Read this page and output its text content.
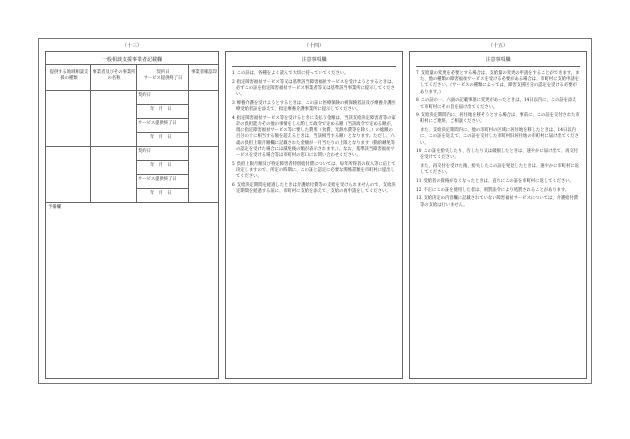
（十三）
一般相談支援事業者記載欄
提供する地域相談支援の種類
事業者及びその事業所の名称
契約日
サービス提供終了日
事業者確認印
契約日
年　月　日
サービス提供終了日
年　月　日
契約日
年　月　日
サービス提供終了日
年　月　日
予備欄
（十四）
注意事項欄
1 この証は、各種をよく読んで大切に持っていてください。
2 指定障害福祉サービス等又は基準該当障害福祉サービスを受けようとするときは、必ずこの証を指定障害福祉サービス事業者等又は基準該当事業所に提示してください。
3 療養介護を受けようとするときは、この証に医療保険の被保険者証及び療養介護医療受給者証を添えて、指定療養介護事業所に提示してください。
4 指定障害福祉サービス等を受けるときに支払う金額は、当該支給決定障害者等の家計の負担能力その他の事情をしん酌して政令で定める額（当該政令で定める額が、現に指定障害福祉サービス等に要した費用（食費、光熱水費等を除く。）の総額の百分の十に相当する額を超えるときは、当該相当する額）となります。ただし、六歳の負担上限月額欄に記載された金額が一月当たりの上限となります（動的継免等の認定を受けた場合には減免後の額が表示されます。）。なお、基準該当障害福祉サービスを受ける場合等は市町村の窓口にお問い合わせください。
5 負担上限月額及び特定障害者特別給付費については、毎年所得者の収入等に応じて決定しますので、所定の時期に、この証と認定に必要な関係書類を市町村に提出してください。
6 支給決定期間を経過したときは介護給付費等の支給を受けられませんので、支給決定期間を経過する前に、市町村に支給を添えて、支給の再申請をしてください。
（十五）
注意事項欄
7 支給量の変更を必要とする場合は、支給量の変更の申請をすることができます。また、他の種類の障害福祉サービスを受ける必要がある場合は、市町村に支給申請をしてください。（サービスの種類によっては、障害支援区分の認定を受ける必要があります。）
8 この証の一、六面の記載事項に変更があったときは、14日以内に、この証を添えて市町村にその旨を届け出てください。
9 支給決定期間内に、居住地を移そうとする場合は、事前に、この証を交付された市町村にご連絡、ご相談ください。
また、支給決定期間内に、他の市町村の区域に居住地を移したときは、14日以内に、この証を返えて、この証を交付した市町村旧居住地の市町村に届け出てください。
10 この証を紛失したり、汚したり又は破損したときは、速やかに届け出て、再交付を受けてください。
また、再交付を受けた後、紛失したこの証を発見したときは、速やかに市町村に返してください。
11 受給者の資格がなくなったときは、直ちにこの証を市町村に返してください。
12 不正にこの証を使用した者は、刑罰法令により処罰されることがあります。
13 支給決定の内容欄に記載されていない障害福祉サービスについては、介護給付費等の支給は行いません。
